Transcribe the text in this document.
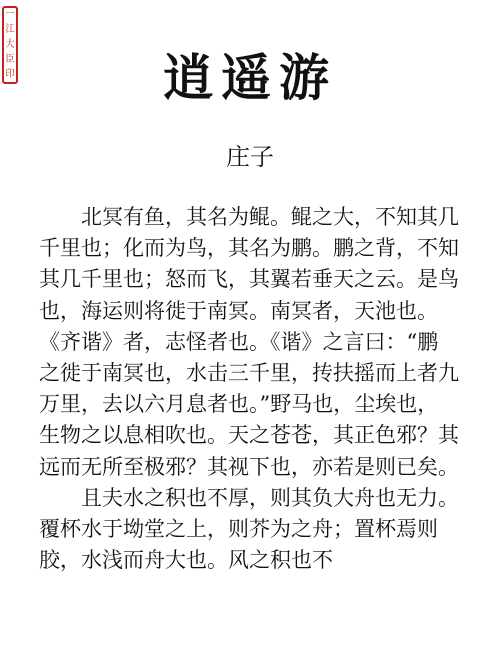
一
江
大
臣
印	逍遥游
庄子

北冥有鱼，其名为鲲。鲲之大，不知其几千里也；化而为鸟，其名为鹏。鹏之背，不知其几千里也；怒而飞，其翼若垂天之云。是鸟也，海运则将徙于南冥。南冥者，天池也。《齐谐》者，志怪者也。《谐》之言曰：“鹏之徙于南冥也，水击三千里，抟扶摇而上者九万里，去以六月息者也。”野马也，尘埃也，生物之以息相吹也。天之苍苍，其正色邪？其远而无所至极邪？其视下也，亦若是则已矣。

且夫水之积也不厚，则其负大舟也无力。覆杯水于坳堂之上，则芥为之舟；置杯焉则胶，水浅而舟大也。风之积也不
